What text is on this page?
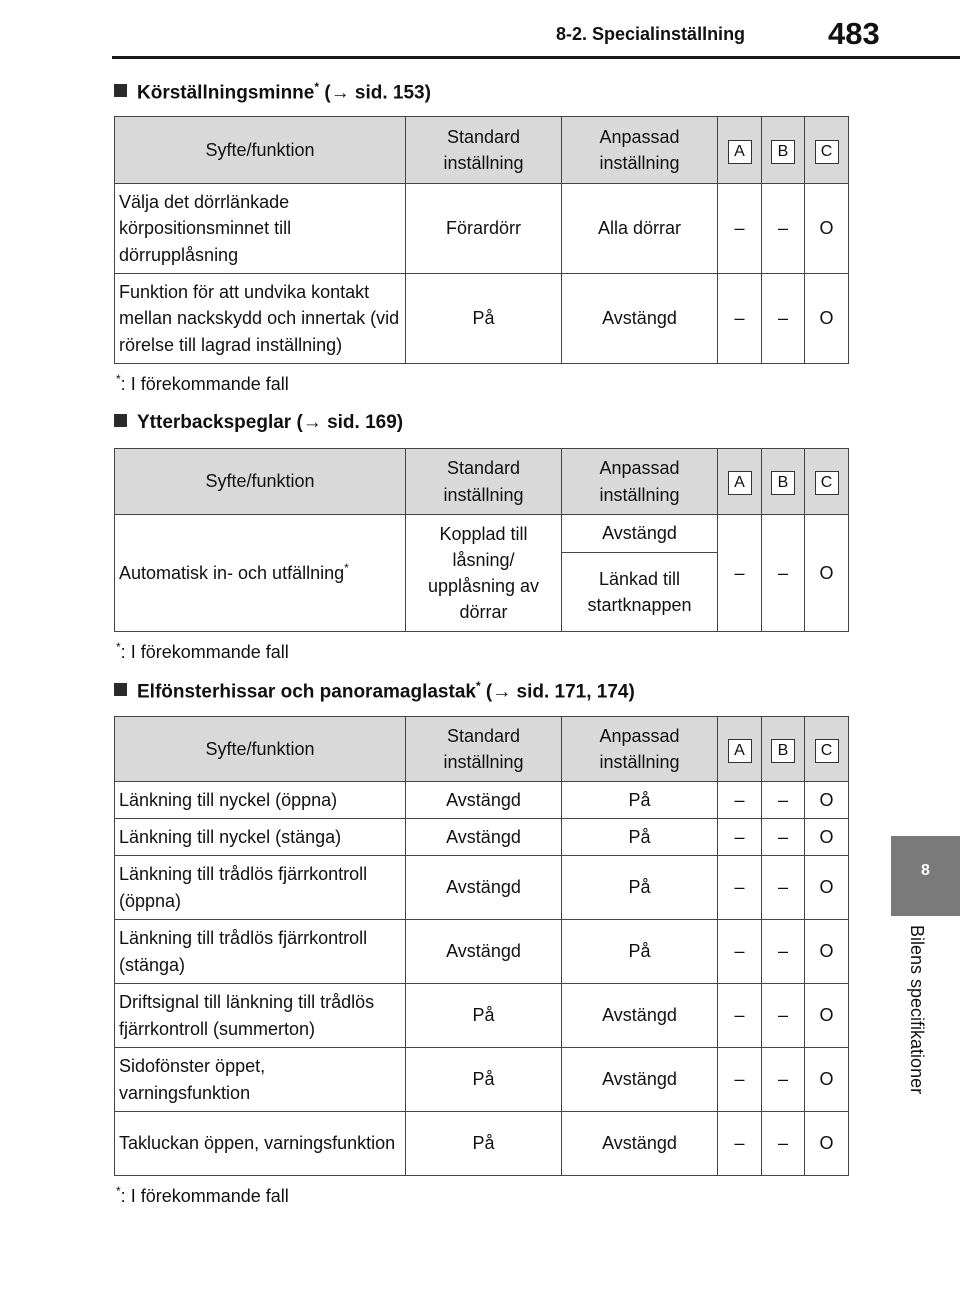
8-2. Specialinställning	483
8
Bilens specifikationer
Körställningsminne* (→ sid. 153)
Syfte/funktion	Standard inställning	Anpassad inställning	A	B	C
Välja det dörrlänkade körpositionsminnet till dörrupplåsning	Förardörr	Alla dörrar	–	–	O
Funktion för att undvika kontakt mellan nackskydd och innertak (vid rörelse till lagrad inställning)	På	Avstängd	–	–	O
*: I förekommande fall
Ytterbackspeglar (→ sid. 169)
Syfte/funktion	Standard inställning	Anpassad inställning	A	B	C
Automatisk in- och utfällning*	Kopplad till låsning/ upplåsning av dörrar	Avstängd	–	–	O
		Länkad till startknappen			
*: I förekommande fall
Elfönsterhissar och panoramaglastak* (→ sid. 171, 174)
Syfte/funktion	Standard inställning	Anpassad inställning	A	B	C
Länkning till nyckel (öppna)	Avstängd	På	–	–	O
Länkning till nyckel (stänga)	Avstängd	På	–	–	O
Länkning till trådlös fjärrkontroll (öppna)	Avstängd	På	–	–	O
Länkning till trådlös fjärrkontroll (stänga)	Avstängd	På	–	–	O
Driftsignal till länkning till trådlös fjärrkontroll (summerton)	På	Avstängd	–	–	O
Sidofönster öppet, varningsfunktion	På	Avstängd	–	–	O
Takluckan öppen, varningsfunktion	På	Avstängd	–	–	O
*: I förekommande fall
